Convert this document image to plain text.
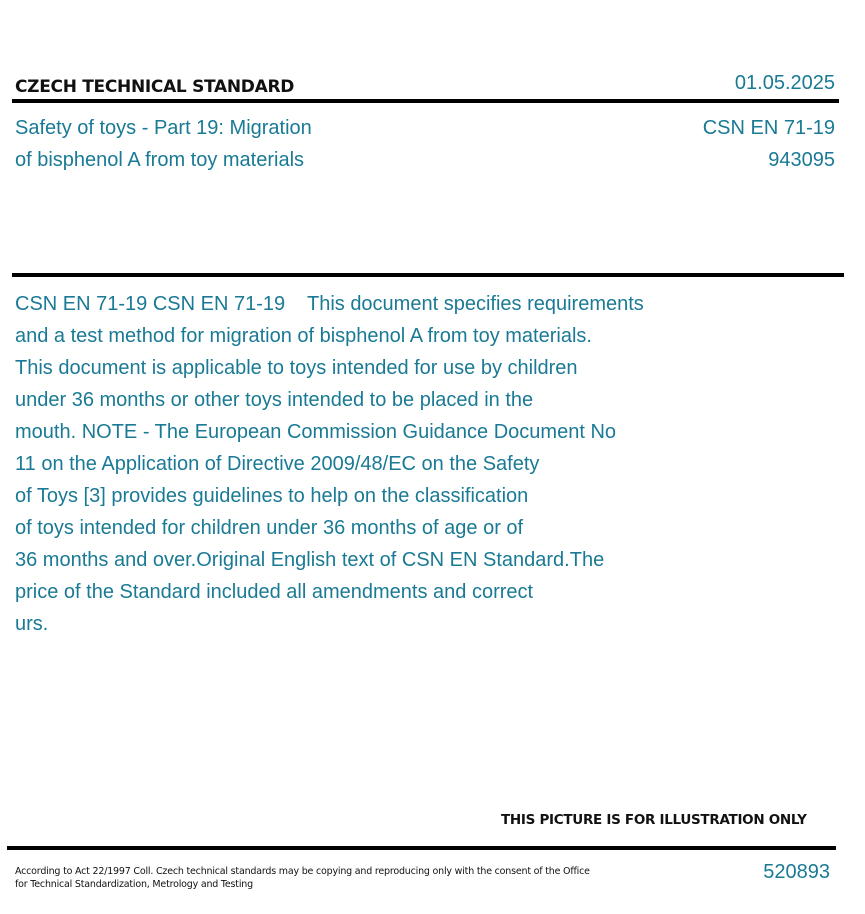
CZECH TECHNICAL STANDARD	01.05.2025
Safety of toys - Part 19: Migration
of bisphenol A from toy materials
CSN EN 71-19
943095
CSN EN 71-19 CSN EN 71-19    This document specifies requirements
and a test method for migration of bisphenol A from toy materials.
This document is applicable to toys intended for use by children
under 36 months or other toys intended to be placed in the
mouth. NOTE - The European Commission Guidance Document No
11 on the Application of Directive 2009/48/EC on the Safety
of Toys [3] provides guidelines to help on the classification
of toys intended for children under 36 months of age or of
36 months and over.Original English text of CSN EN Standard.The
price of the Standard included all amendments and correct
urs.
THIS PICTURE IS FOR ILLUSTRATION ONLY
According to Act 22/1997 Coll. Czech technical standards may be copying and reproducing only with the consent of the Office
for Technical Standardization, Metrology and Testing
520893
